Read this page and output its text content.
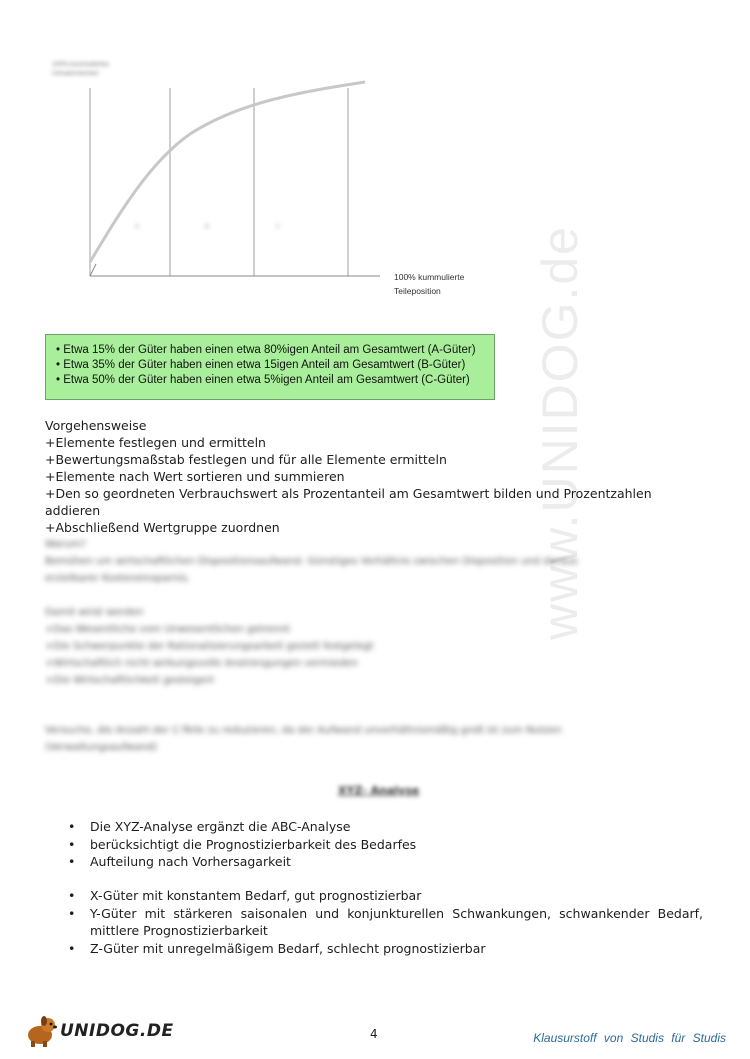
www.UNIDOG.de
100% kummuliertes
Umsatzvolumen
A	B	C
100% kummulierte
Teileposition
• Etwa 15% der Güter haben einen etwa 80%igen Anteil am Gesamtwert (A-Güter)
• Etwa 35% der Güter haben einen etwa 15igen Anteil am Gesamtwert (B-Güter)
• Etwa 50% der Güter haben einen etwa 5%igen Anteil am Gesamtwert (C-Güter)
Vorgehensweise
+Elemente festlegen und ermitteln
+Bewertungsmaßstab festlegen und für alle Elemente ermitteln
+Elemente nach Wert sortieren und summieren
+Den so geordneten Verbrauchswert als Prozentanteil am Gesamtwert bilden und Prozentzahlen addieren
+Abschließend Wertgruppe zuordnen
Warum?
Bemühen um wirtschaftlichen Dispositionsaufwand. Günstiges Verhältnis zwischen Disposition und daraus
erzielbarer Kosteneinsparnis.
Damit wird/ werden
+Das Wesentliche vom Unwesentlichen getrennt
+Die Schwerpunkte der Rationalisierungsarbeit gezielt festgelegt
+Wirtschaftlich nicht wirkungsvolle Anstrengungen vermieden
+Die Wirtschaftlichkeit gesteigert
Versuche, die Anzahl der C-Teile zu reduzieren, da der Aufwand unverhältnismäßig groß ist zum Nutzen
(Verwaltungsaufwand)
XYZ- Analyse
• Die XYZ-Analyse ergänzt die ABC-Analyse
• berücksichtigt die Prognostizierbarkeit des Bedarfes
• Aufteilung nach Vorhersagarkeit
• X-Güter mit konstantem Bedarf, gut prognostizierbar
• Y-Güter mit stärkeren saisonalen und konjunkturellen Schwankungen, schwankender Bedarf, mittlere Prognostizierbarkeit
• Z-Güter mit unregelmäßigem Bedarf, schlecht prognostizierbar
UNIDOG.DE	4	Klausurstoff von Studis für Studis
